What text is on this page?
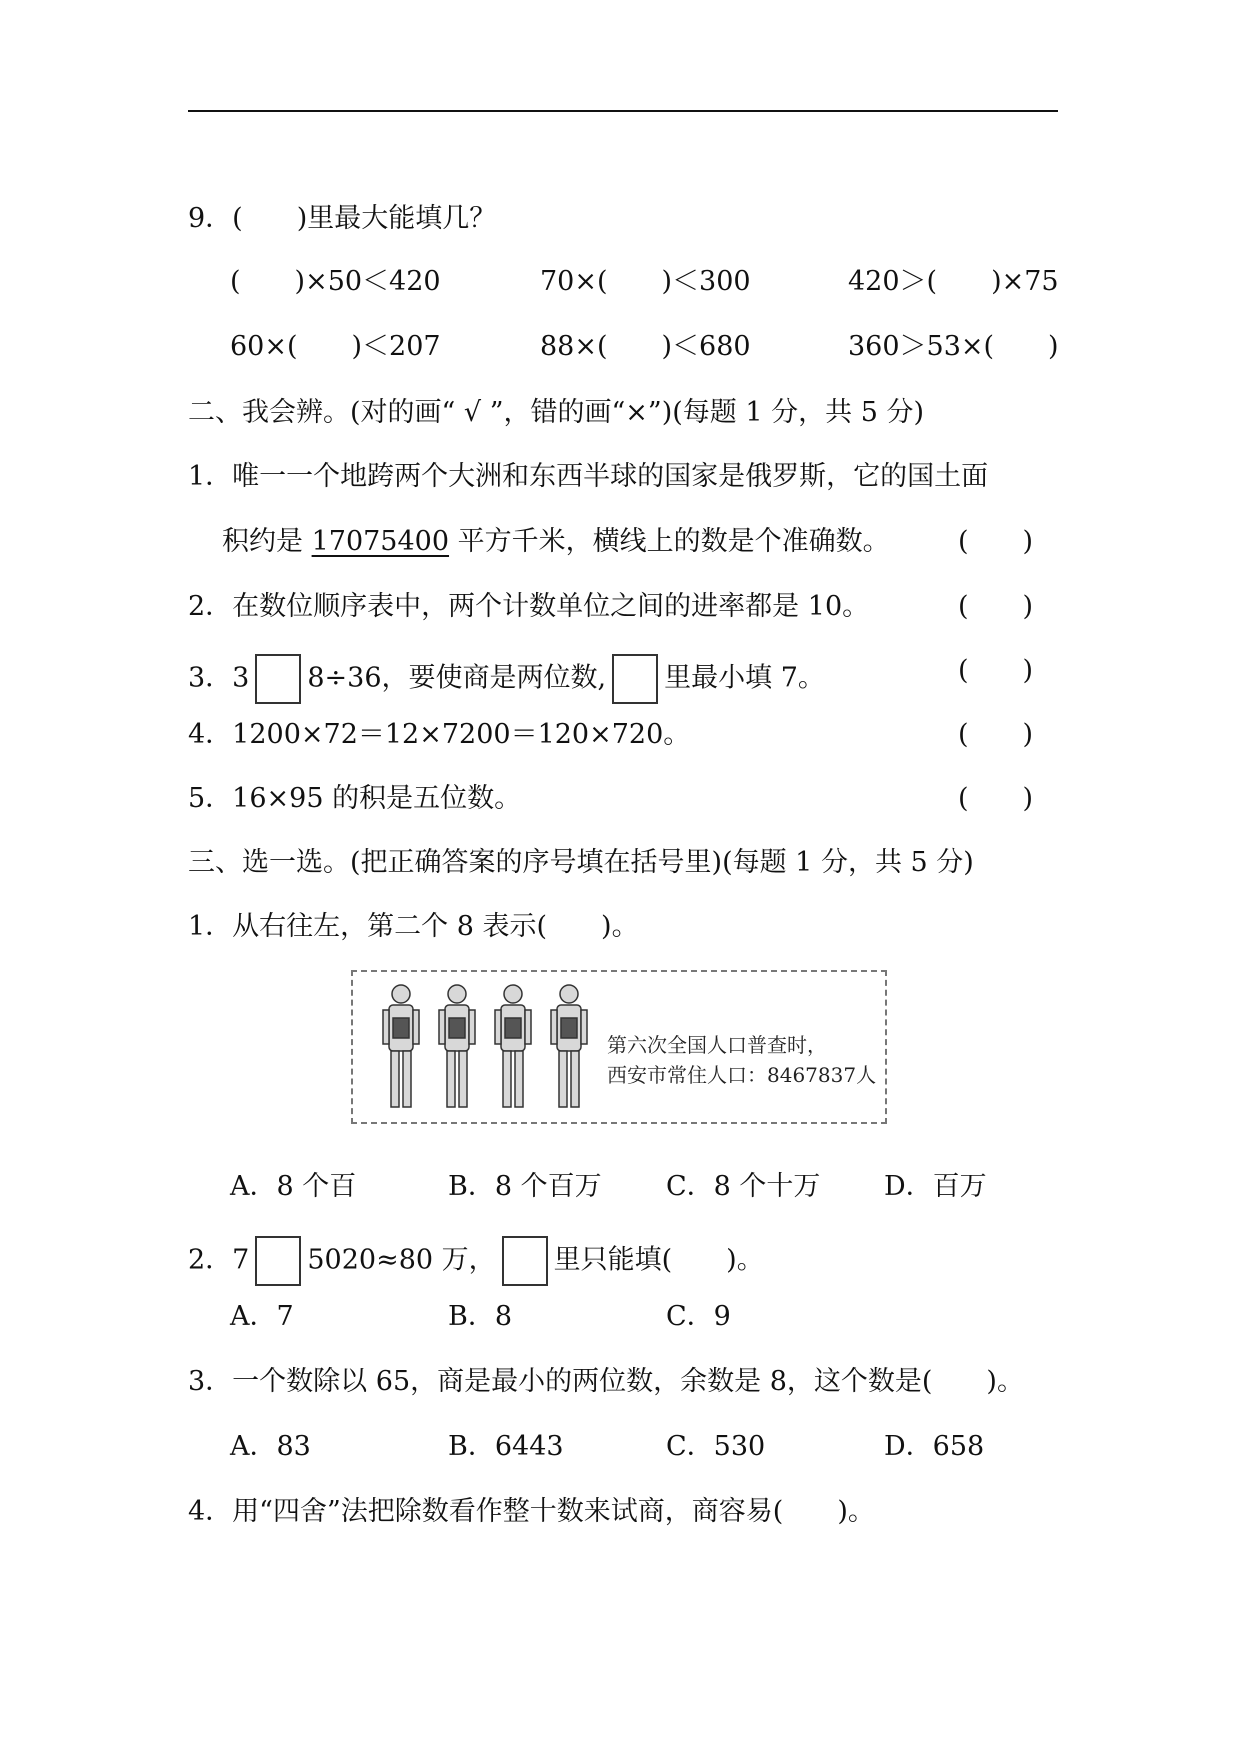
9．(　　)里最大能填几？
(　　)×50＜420	70×(　　)＜300	420＞(　　)×75
60×(　　)＜207	88×(　　)＜680	360＞53×(　　)
二、我会辨。(对的画“ √ ”，错的画“×”)(每题 1 分，共 5 分)
1．唯一一个地跨两个大洲和东西半球的国家是俄罗斯，它的国土面
积约是 17075400 平方千米，横线上的数是个准确数。	(　　)
2．在数位顺序表中，两个计数单位之间的进率都是 10。	(　　)
3．3 8÷36，要使商是两位数, 里最小填 7。	(　　)
4．1200×72＝12×7200＝120×720。	(　　)
5．16×95 的积是五位数。	(　　)
三、选一选。(把正确答案的序号填在括号里)(每题 1 分，共 5 分)
1．从右往左，第二个 8 表示(　　)。
第六次全国人口普查时，
西安市常住人口：8467837人
A．8 个百	B．8 个百万 C．8 个十万 D．百万
2．7 5020≈80 万， 里只能填(　　)。
A．7	B．8	C．9
3．一个数除以 65，商是最小的两位数，余数是 8，这个数是(　　)。
A．83	B．6443	C．530	D．658
4．用“四舍”法把除数看作整十数来试商，商容易(　　)。
